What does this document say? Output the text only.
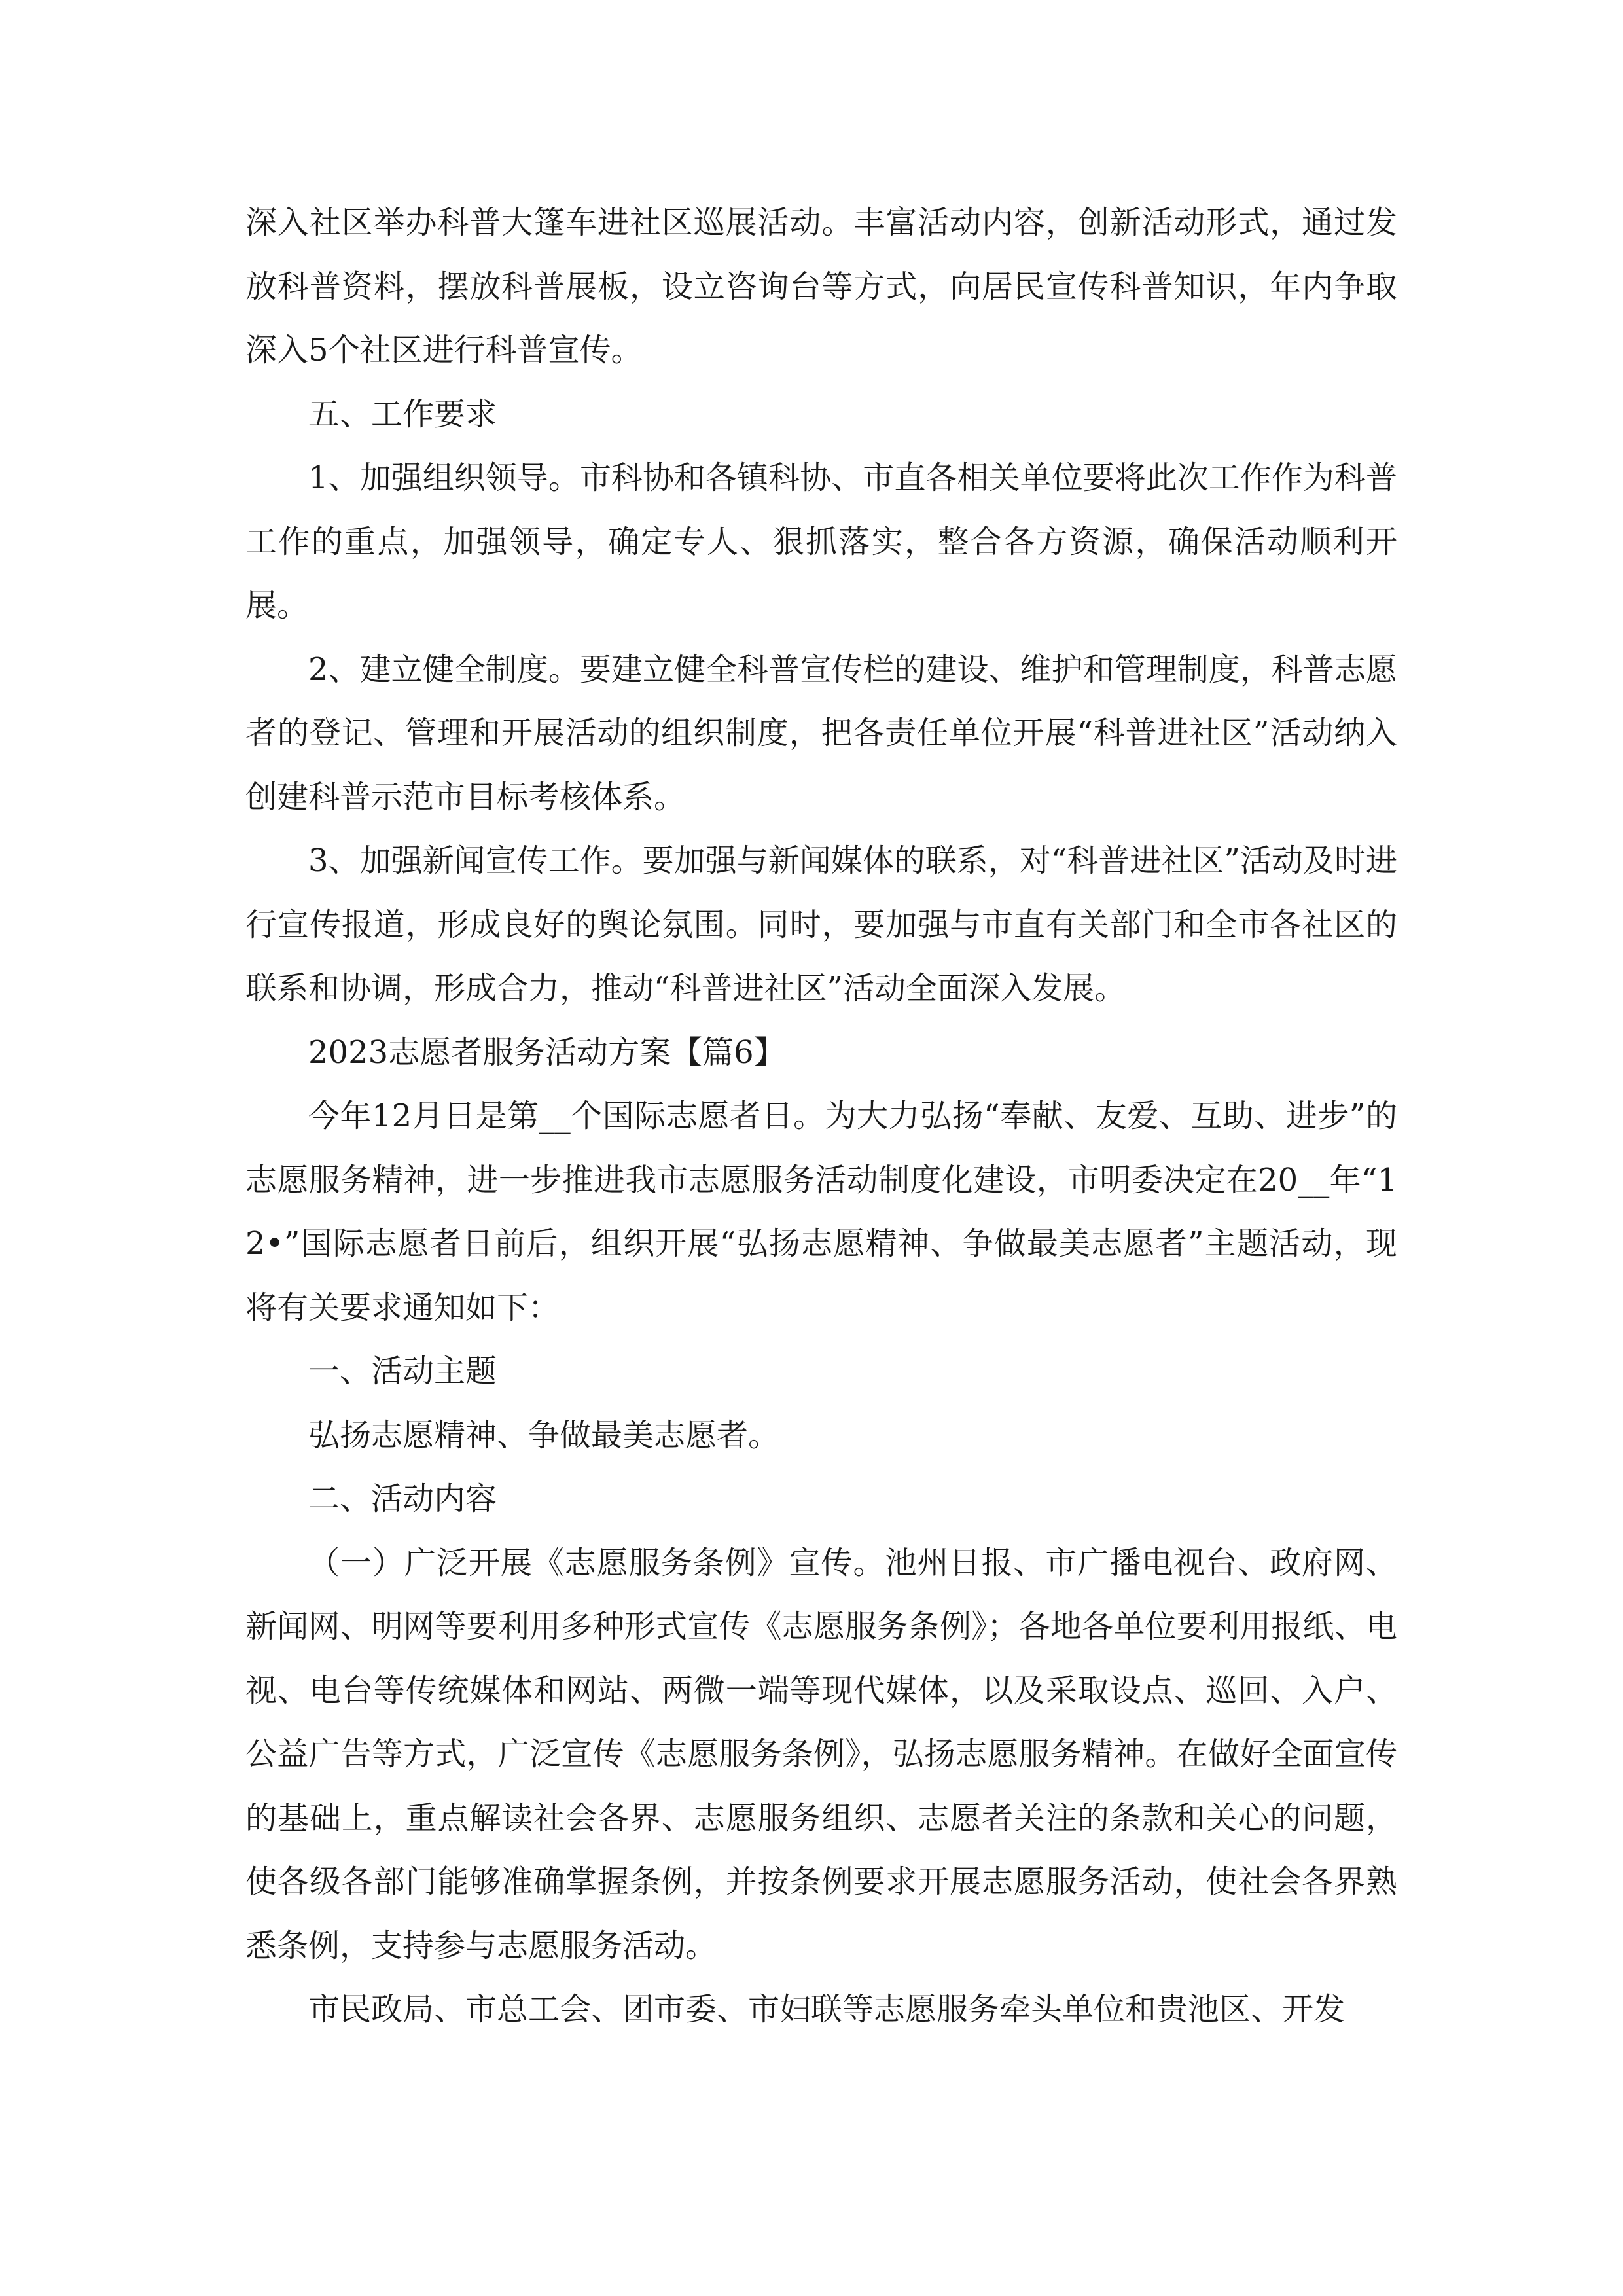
深入社区举办科普大篷车进社区巡展活动。丰富活动内容，创新活动形式，通过发放科普资料，摆放科普展板，设立咨询台等方式，向居民宣传科普知识，年内争取深入5个社区进行科普宣传。

五、工作要求

1、加强组织领导。市科协和各镇科协、市直各相关单位要将此次工作作为科普工作的重点，加强领导，确定专人、狠抓落实，整合各方资源，确保活动顺利开展。

2、建立健全制度。要建立健全科普宣传栏的建设、维护和管理制度，科普志愿者的登记、管理和开展活动的组织制度，把各责任单位开展“科普进社区”活动纳入创建科普示范市目标考核体系。

3、加强新闻宣传工作。要加强与新闻媒体的联系，对“科普进社区”活动及时进行宣传报道，形成良好的舆论氛围。同时，要加强与市直有关部门和全市各社区的联系和协调，形成合力，推动“科普进社区”活动全面深入发展。

2023志愿者服务活动方案【篇6】

今年12月日是第__个国际志愿者日。为大力弘扬“奉献、友爱、互助、进步”的志愿服务精神，进一步推进我市志愿服务活动制度化建设，市明委决定在20__年“12•”国际志愿者日前后，组织开展“弘扬志愿精神、争做最美志愿者”主题活动，现将有关要求通知如下：

一、活动主题

弘扬志愿精神、争做最美志愿者。

二、活动内容

（一）广泛开展《志愿服务条例》宣传。池州日报、市广播电视台、政府网、新闻网、明网等要利用多种形式宣传《志愿服务条例》；各地各单位要利用报纸、电视、电台等传统媒体和网站、两微一端等现代媒体，以及采取设点、巡回、入户、公益广告等方式，广泛宣传《志愿服务条例》，弘扬志愿服务精神。在做好全面宣传的基础上，重点解读社会各界、志愿服务组织、志愿者关注的条款和关心的问题，使各级各部门能够准确掌握条例，并按条例要求开展志愿服务活动，使社会各界熟悉条例，支持参与志愿服务活动。

市民政局、市总工会、团市委、市妇联等志愿服务牵头单位和贵池区、开发
